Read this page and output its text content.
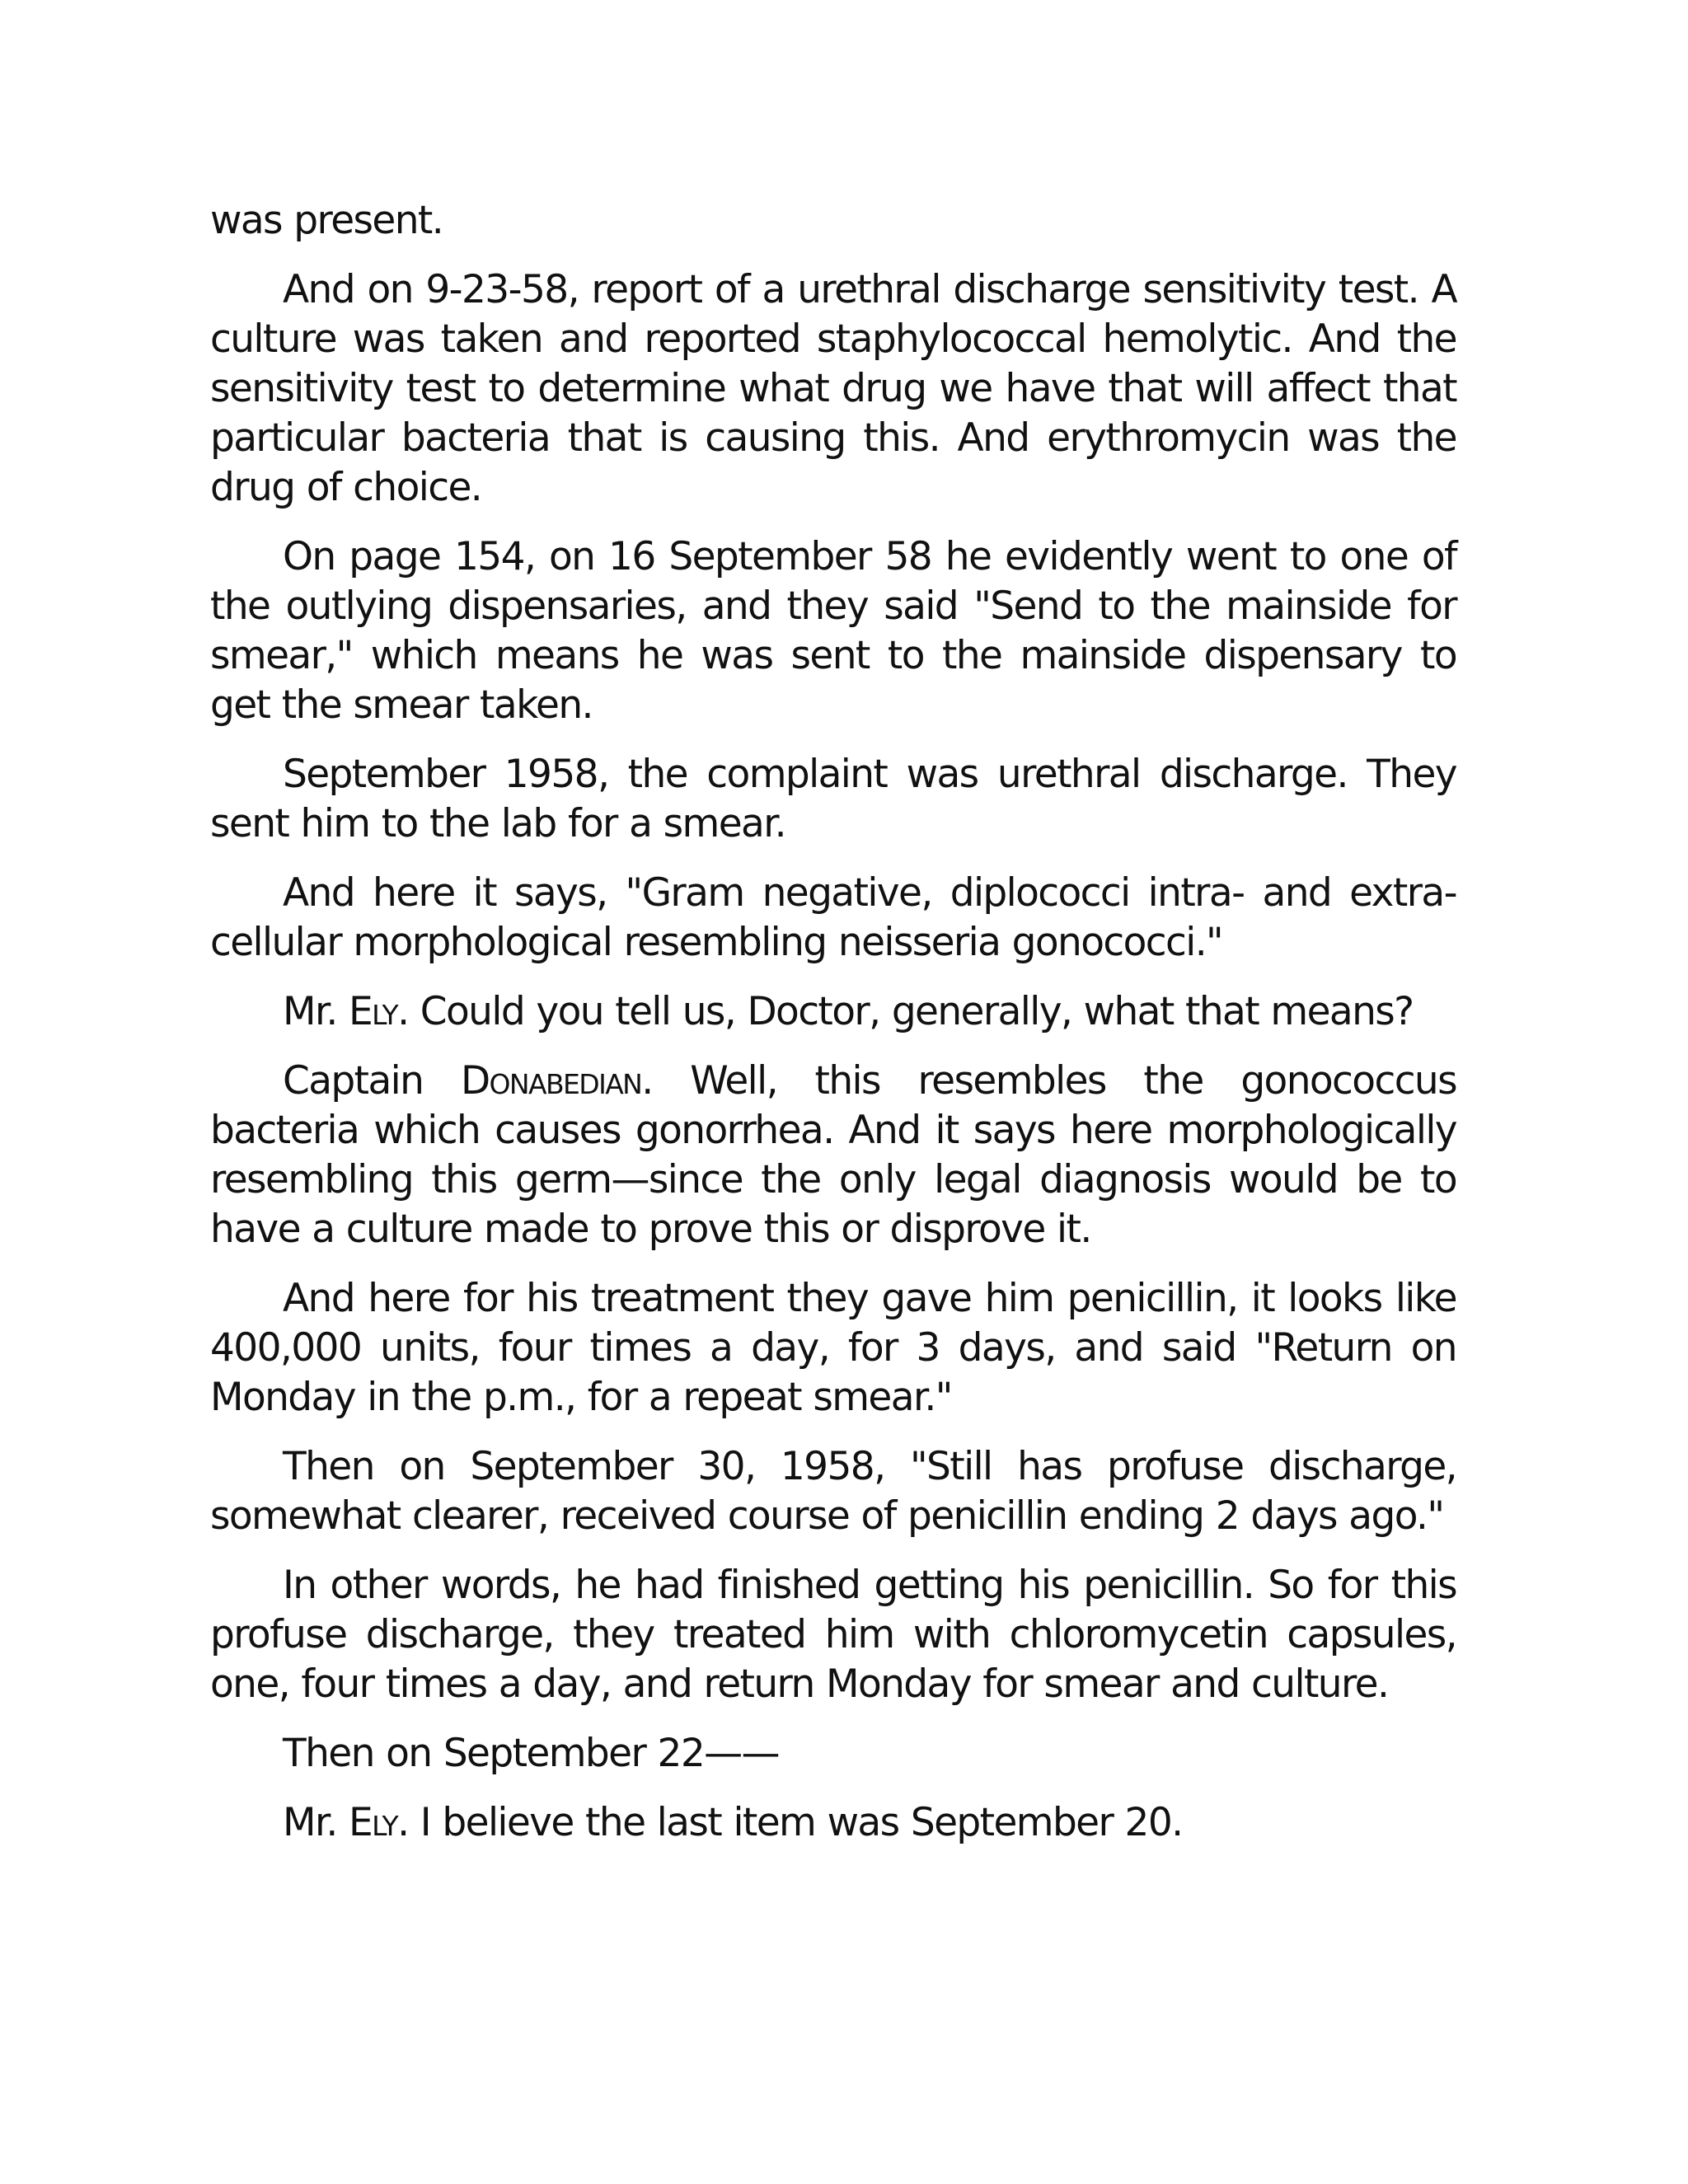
was present.

And on 9-23-58, report of a urethral discharge sensitivity test. A culture was taken and reported staphylococcal hemolytic. And the sensitivity test to determine what drug we have that will affect that particular bacteria that is causing this. And erythromycin was the drug of choice.

On page 154, on 16 September 58 he evidently went to one of the outlying dispensaries, and they said "Send to the mainside for smear," which means he was sent to the mainside dispensary to get the smear taken.

September 1958, the complaint was urethral discharge. They sent him to the lab for a smear.

And here it says, "Gram negative, diplococci intra- and extra-cellular morphological resembling neisseria gonococci."

Mr. Ely. Could you tell us, Doctor, generally, what that means?

Captain Donabedian. Well, this resembles the gonococcus bacteria which causes gonorrhea. And it says here morphologically resembling this germ—since the only legal diagnosis would be to have a culture made to prove this or disprove it.

And here for his treatment they gave him penicillin, it looks like 400,000 units, four times a day, for 3 days, and said "Return on Monday in the p.m., for a repeat smear."

Then on September 30, 1958, "Still has profuse discharge, somewhat clearer, received course of penicillin ending 2 days ago."

In other words, he had finished getting his penicillin. So for this profuse discharge, they treated him with chloromycetin capsules, one, four times a day, and return Monday for smear and culture.

Then on September 22——

Mr. Ely. I believe the last item was September 20.
